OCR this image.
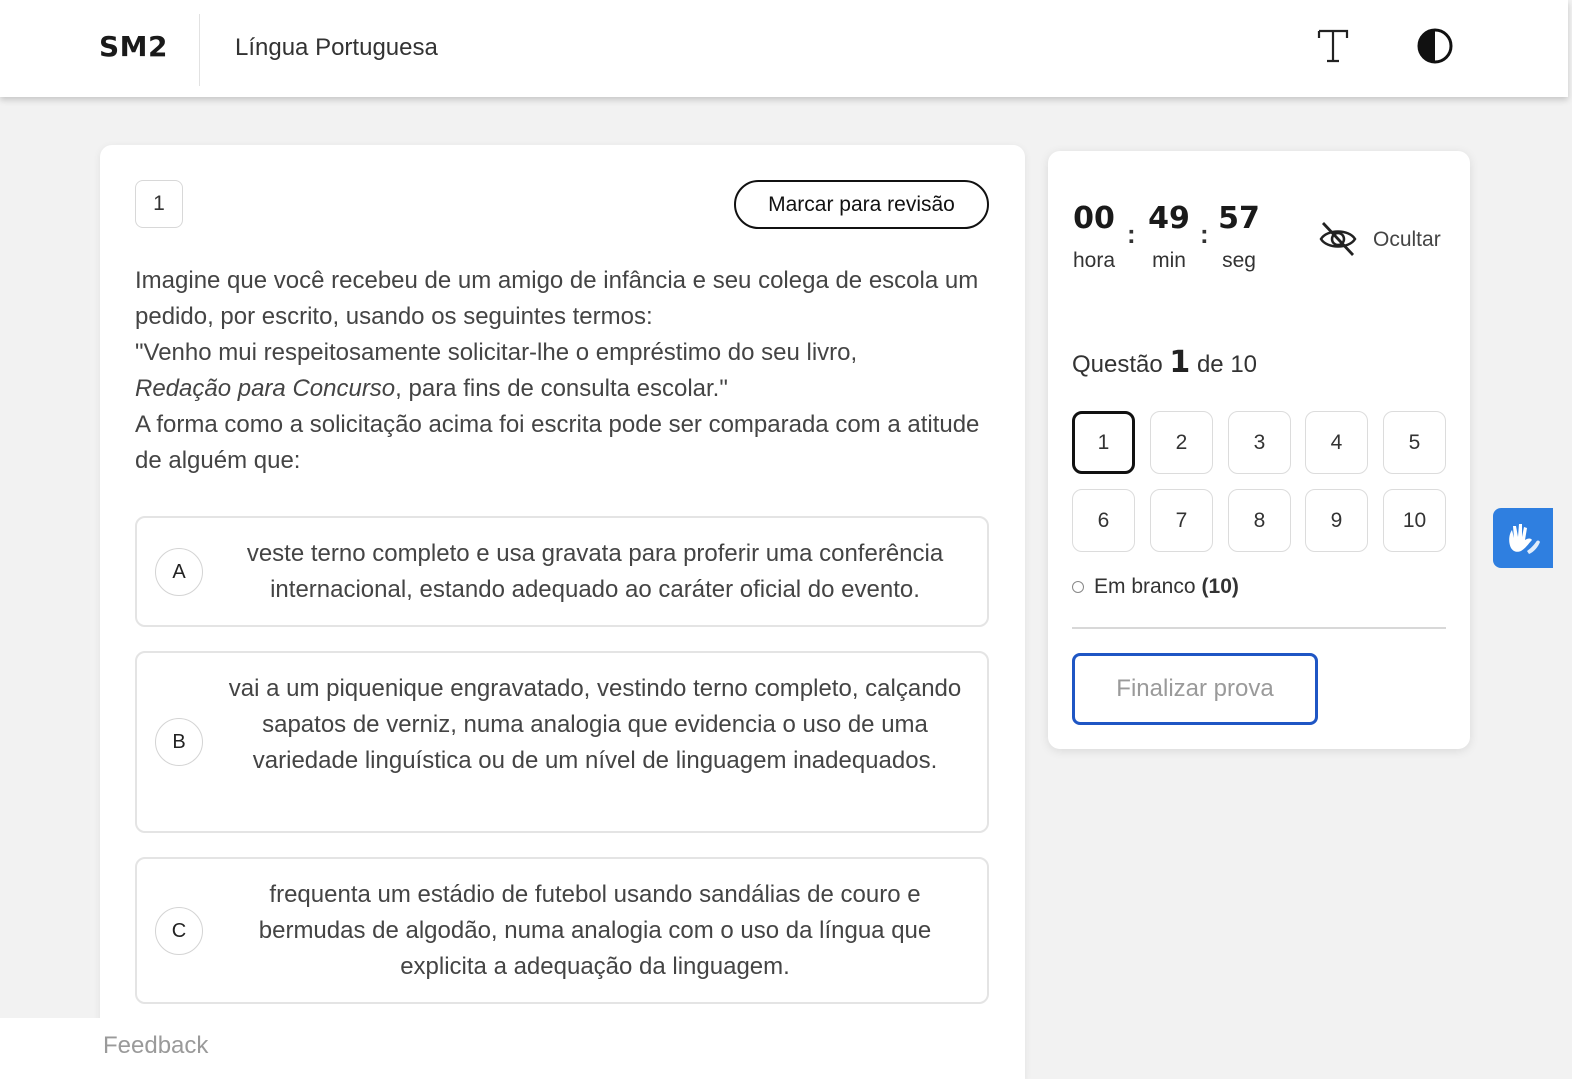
SM2	Língua Portuguesa
1	Marcar para revisão

Imagine que você recebeu de um amigo de infância e seu colega de escola um pedido, por escrito, usando os seguintes termos:

"Venho mui respeitosamente solicitar-lhe o empréstimo do seu livro,
Redação para Concurso, para fins de consulta escolar."

A forma como a solicitação acima foi escrita pode ser comparada com a atitude de alguém que:

A
veste terno completo e usa gravata para proferir uma conferência internacional, estando adequado ao caráter oficial do evento.
B
vai a um piquenique engravatado, vestindo terno completo, calçando sapatos de verniz, numa analogia que evidencia o uso de uma variedade linguística ou de um nível de linguagem inadequados.
C
frequenta um estádio de futebol usando sandálias de couro e bermudas de algodão, numa analogia com o uso da língua que explicita a adequação da linguagem.
Feedback
00
hora
: 49
min
: 57
seg
Ocultar
Questão 1 de 10
1	2	3	4	5
6	7	8	9	10
Em branco (10)
Finalizar prova
